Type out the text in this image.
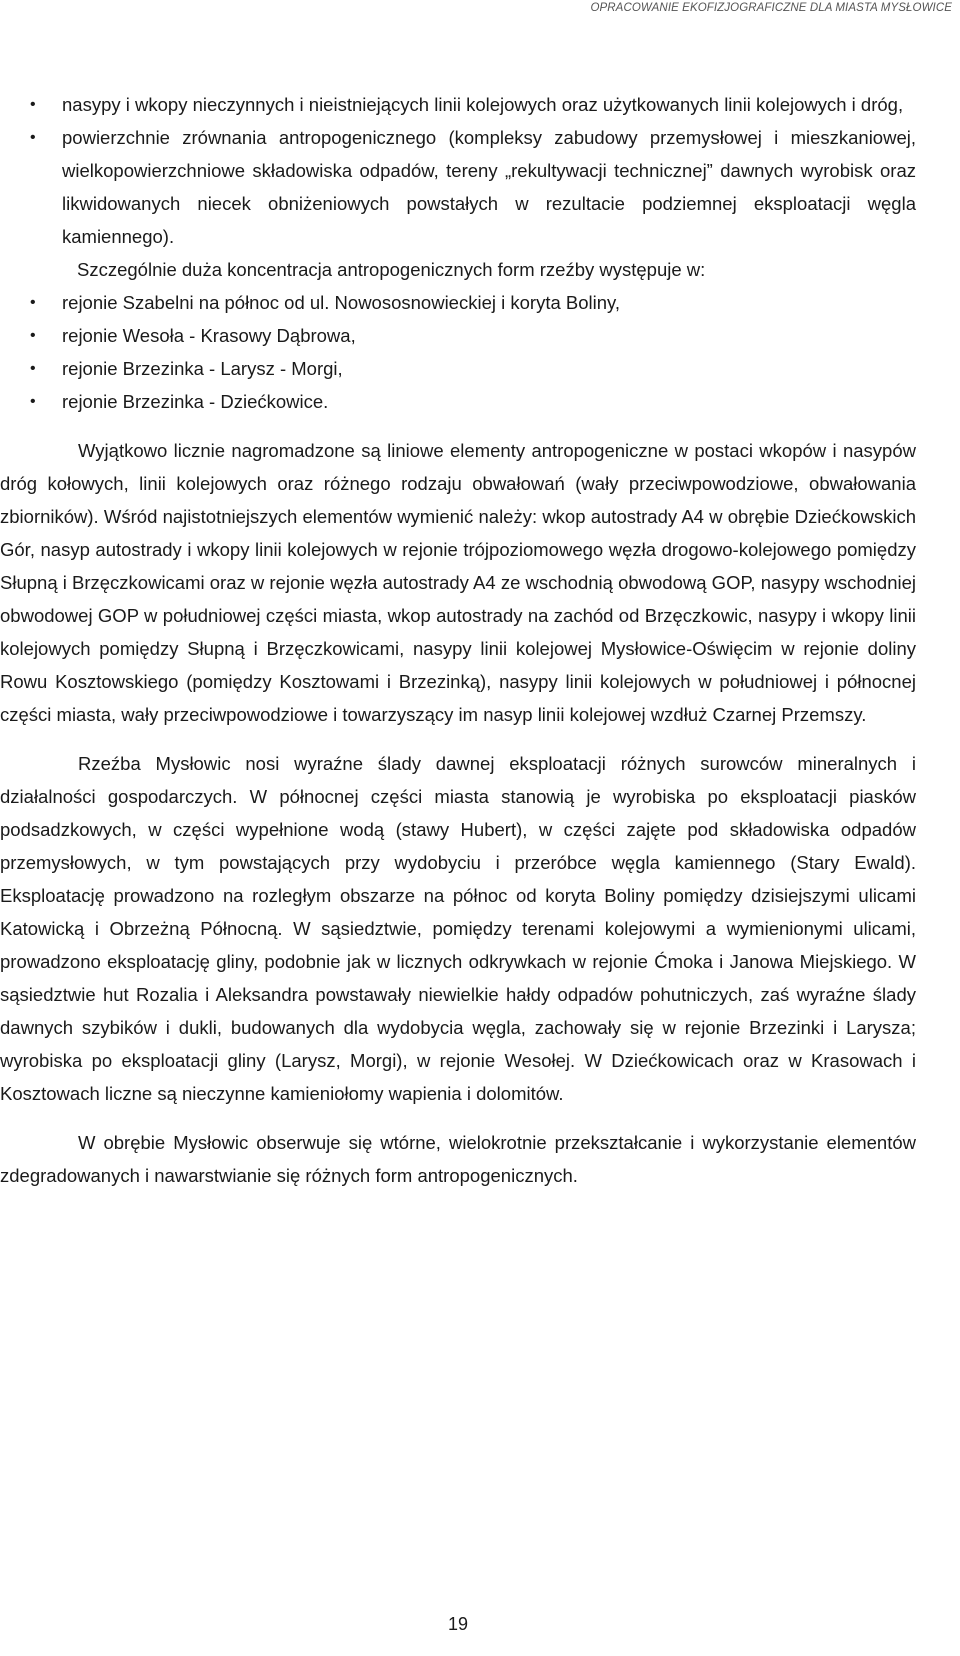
OPRACOWANIE EKOFIZJOGRAFICZNE DLA MIASTA MYSŁOWICE
• nasypy i wkopy nieczynnych i nieistniejących linii kolejowych oraz użytkowanych linii kolejowych i dróg,
• powierzchnie zrównania antropogenicznego (kompleksy zabudowy przemysłowej i mieszkaniowej, wielkopowierzchniowe składowiska odpadów, tereny „rekultywacji technicznej” dawnych wyrobisk oraz likwidowanych niecek obniżeniowych powstałych w rezultacie podziemnej eksploatacji węgla kamiennego).
Szczególnie duża koncentracja antropogenicznych form rzeźby występuje w:
• rejonie Szabelni na północ od ul. Nowososnowieckiej i koryta Boliny,
• rejonie Wesoła - Krasowy Dąbrowa,
• rejonie Brzezinka - Larysz - Morgi,
• rejonie Brzezinka - Dziećkowice.

Wyjątkowo licznie nagromadzone są liniowe elementy antropogeniczne w postaci wkopów i nasypów dróg kołowych, linii kolejowych oraz różnego rodzaju obwałowań (wały przeciwpowodziowe, obwałowania zbiorników). Wśród najistotniejszych elementów wymienić należy: wkop autostrady A4 w obrębie Dziećkowskich Gór, nasyp autostrady i wkopy linii kolejowych w rejonie trójpoziomowego węzła drogowo-kolejowego pomiędzy Słupną i Brzęczkowicami oraz w rejonie węzła autostrady A4 ze wschodnią obwodową GOP, nasypy wschodniej obwodowej GOP w południowej części miasta, wkop autostrady na zachód od Brzęczkowic, nasypy i wkopy linii kolejowych pomiędzy Słupną i Brzęczkowicami, nasypy linii kolejowej Mysłowice-Oświęcim w rejonie doliny Rowu Kosztowskiego (pomiędzy Kosztowami i Brzezinką), nasypy linii kolejowych w południowej i północnej części miasta, wały przeciwpowodziowe i towarzyszący im nasyp linii kolejowej wzdłuż Czarnej Przemszy.

Rzeźba Mysłowic nosi wyraźne ślady dawnej eksploatacji różnych surowców mineralnych i działalności gospodarczych. W północnej części miasta stanowią je wyrobiska po eksploatacji piasków podsadzkowych, w części wypełnione wodą (stawy Hubert), w części zajęte pod składowiska odpadów przemysłowych, w tym powstających przy wydobyciu i przeróbce węgla kamiennego (Stary Ewald). Eksploatację prowadzono na rozległym obszarze na północ od koryta Boliny pomiędzy dzisiejszymi ulicami Katowicką i Obrzeżną Północną. W sąsiedztwie, pomiędzy terenami kolejowymi a wymienionymi ulicami, prowadzono eksploatację gliny, podobnie jak w licznych odkrywkach w rejonie Ćmoka i Janowa Miejskiego. W sąsiedztwie hut Rozalia i Aleksandra powstawały niewielkie hałdy odpadów pohutniczych, zaś wyraźne ślady dawnych szybików i dukli, budowanych dla wydobycia węgla, zachowały się w rejonie Brzezinki i Larysza; wyrobiska po eksploatacji gliny (Larysz, Morgi), w rejonie Wesołej. W Dziećkowicach oraz w Krasowach i Kosztowach liczne są nieczynne kamieniołomy wapienia i dolomitów.

W obrębie Mysłowic obserwuje się wtórne, wielokrotnie przekształcanie i wykorzystanie elementów zdegradowanych i nawarstwianie się różnych form antropogenicznych.

19
